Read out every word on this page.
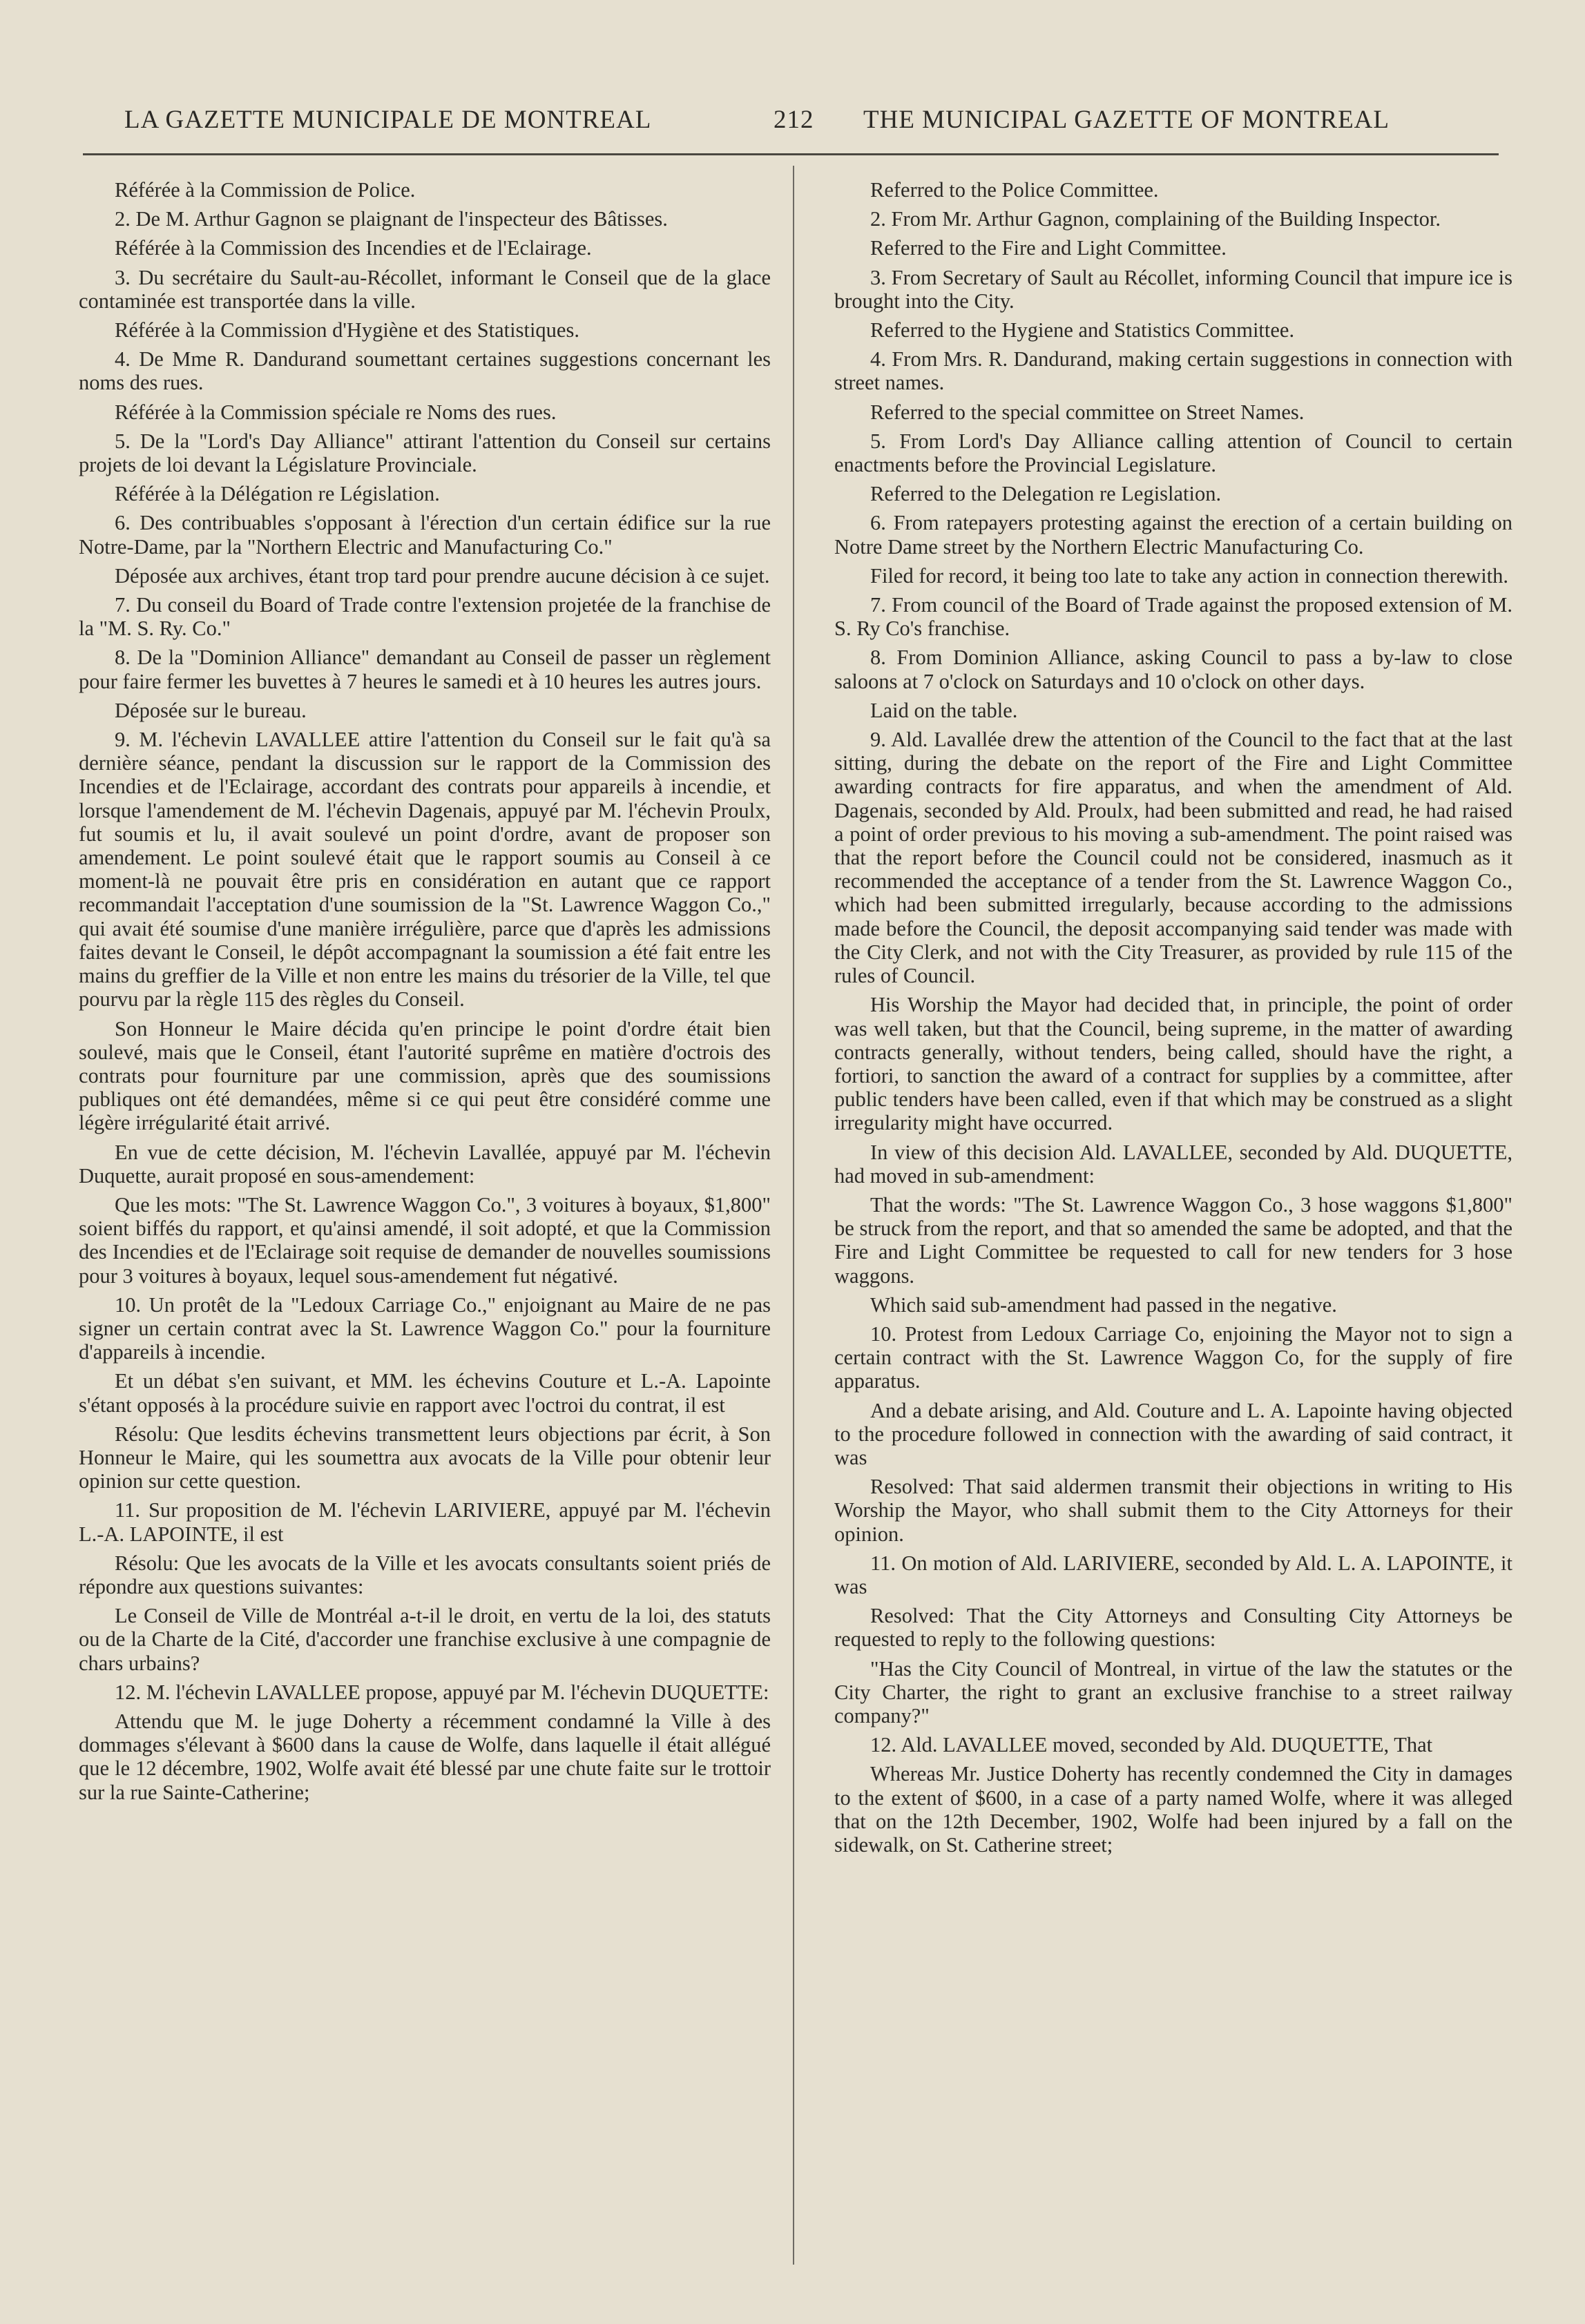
LA GAZETTE MUNICIPALE DE MONTREAL	212 THE MUNICIPAL GAZETTE OF MONTREAL

Référée à la Commission de Police.

2. De M. Arthur Gagnon se plaignant de l'inspecteur des Bâtisses.

Référée à la Commission des Incendies et de l'Eclairage.

3. Du secrétaire du Sault-au-Récollet, informant le Conseil que de la glace contaminée est transportée dans la ville.

Référée à la Commission d'Hygiène et des Statistiques.

4. De Mme R. Dandurand soumettant certaines suggestions concernant les noms des rues.

Référée à la Commission spéciale re Noms des rues.

5. De la "Lord's Day Alliance" attirant l'attention du Conseil sur certains projets de loi devant la Législature Provinciale.

Référée à la Délégation re Législation.

6. Des contribuables s'opposant à l'érection d'un certain édifice sur la rue Notre-Dame, par la "Northern Electric and Manufacturing Co."

Déposée aux archives, étant trop tard pour prendre aucune décision à ce sujet.

7. Du conseil du Board of Trade contre l'extension projetée de la franchise de la "M. S. Ry. Co."

8. De la "Dominion Alliance" demandant au Conseil de passer un règlement pour faire fermer les buvettes à 7 heures le samedi et à 10 heures les autres jours.

Déposée sur le bureau.

9. M. l'échevin LAVALLEE attire l'attention du Conseil sur le fait qu'à sa dernière séance, pendant la discussion sur le rapport de la Commission des Incendies et de l'Eclairage, accordant des contrats pour appareils à incendie, et lorsque l'amendement de M. l'échevin Dagenais, appuyé par M. l'échevin Proulx, fut soumis et lu, il avait soulevé un point d'ordre, avant de proposer son amendement. Le point soulevé était que le rapport soumis au Conseil à ce moment-là ne pouvait être pris en considération en autant que ce rapport recommandait l'acceptation d'une soumission de la "St. Lawrence Waggon Co.," qui avait été soumise d'une manière irrégulière, parce que d'après les admissions faites devant le Conseil, le dépôt accompagnant la soumission a été fait entre les mains du greffier de la Ville et non entre les mains du trésorier de la Ville, tel que pourvu par la règle 115 des règles du Conseil.

Son Honneur le Maire décida qu'en principe le point d'ordre était bien soulevé, mais que le Conseil, étant l'autorité suprême en matière d'octrois des contrats pour fourniture par une commission, après que des soumissions publiques ont été demandées, même si ce qui peut être considéré comme une légère irrégularité était arrivé.

En vue de cette décision, M. l'échevin Lavallée, appuyé par M. l'échevin Duquette, aurait proposé en sous-amendement:

Que les mots: "The St. Lawrence Waggon Co.", 3 voitures à boyaux, $1,800" soient biffés du rapport, et qu'ainsi amendé, il soit adopté, et que la Commission des Incendies et de l'Eclairage soit requise de demander de nouvelles soumissions pour 3 voitures à boyaux, lequel sous-amendement fut négativé.

10. Un protêt de la "Ledoux Carriage Co.," enjoignant au Maire de ne pas signer un certain contrat avec la St. Lawrence Waggon Co." pour la fourniture d'appareils à incendie.

Et un débat s'en suivant, et MM. les échevins Couture et L.-A. Lapointe s'étant opposés à la procédure suivie en rapport avec l'octroi du contrat, il est

Résolu: Que lesdits échevins transmettent leurs objections par écrit, à Son Honneur le Maire, qui les soumettra aux avocats de la Ville pour obtenir leur opinion sur cette question.

11. Sur proposition de M. l'échevin LARIVIERE, appuyé par M. l'échevin L.-A. LAPOINTE, il est

Résolu: Que les avocats de la Ville et les avocats consultants soient priés de répondre aux questions suivantes:

Le Conseil de Ville de Montréal a-t-il le droit, en vertu de la loi, des statuts ou de la Charte de la Cité, d'accorder une franchise exclusive à une compagnie de chars urbains?

12. M. l'échevin LAVALLEE propose, appuyé par M. l'échevin DUQUETTE:

Attendu que M. le juge Doherty a récemment condamné la Ville à des dommages s'élevant à $600 dans la cause de Wolfe, dans laquelle il était allégué que le 12 décembre, 1902, Wolfe avait été blessé par une chute faite sur le trottoir sur la rue Sainte-Catherine;

Referred to the Police Committee.

2. From Mr. Arthur Gagnon, complaining of the Building Inspector.

Referred to the Fire and Light Committee.

3. From Secretary of Sault au Récollet, informing Council that impure ice is brought into the City.

Referred to the Hygiene and Statistics Committee.

4. From Mrs. R. Dandurand, making certain suggestions in connection with street names.

Referred to the special committee on Street Names.

5. From Lord's Day Alliance calling attention of Council to certain enactments before the Provincial Legislature.

Referred to the Delegation re Legislation.

6. From ratepayers protesting against the erection of a certain building on Notre Dame street by the Northern Electric Manufacturing Co.

Filed for record, it being too late to take any action in connection therewith.

7. From council of the Board of Trade against the proposed extension of M. S. Ry Co's franchise.

8. From Dominion Alliance, asking Council to pass a by-law to close saloons at 7 o'clock on Saturdays and 10 o'clock on other days.

Laid on the table.

9. Ald. Lavallée drew the attention of the Council to the fact that at the last sitting, during the debate on the report of the Fire and Light Committee awarding contracts for fire apparatus, and when the amendment of Ald. Dagenais, seconded by Ald. Proulx, had been submitted and read, he had raised a point of order previous to his moving a sub-amendment. The point raised was that the report before the Council could not be considered, inasmuch as it recommended the acceptance of a tender from the St. Lawrence Waggon Co., which had been submitted irregularly, because according to the admissions made before the Council, the deposit accompanying said tender was made with the City Clerk, and not with the City Treasurer, as provided by rule 115 of the rules of Council.

His Worship the Mayor had decided that, in principle, the point of order was well taken, but that the Council, being supreme, in the matter of awarding contracts generally, without tenders, being called, should have the right, a fortiori, to sanction the award of a contract for supplies by a committee, after public tenders have been called, even if that which may be construed as a slight irregularity might have occurred.

In view of this decision Ald. LAVALLEE, seconded by Ald. DUQUETTE, had moved in sub-amendment:

That the words: "The St. Lawrence Waggon Co., 3 hose waggons $1,800" be struck from the report, and that so amended the same be adopted, and that the Fire and Light Committee be requested to call for new tenders for 3 hose waggons.

Which said sub-amendment had passed in the negative.

10. Protest from Ledoux Carriage Co, enjoining the Mayor not to sign a certain contract with the St. Lawrence Waggon Co, for the supply of fire apparatus.

And a debate arising, and Ald. Couture and L. A. Lapointe having objected to the procedure followed in connection with the awarding of said contract, it was

Resolved: That said aldermen transmit their objections in writing to His Worship the Mayor, who shall submit them to the City Attorneys for their opinion.

11. On motion of Ald. LARIVIERE, seconded by Ald. L. A. LAPOINTE, it was

Resolved: That the City Attorneys and Consulting City Attorneys be requested to reply to the following questions:

"Has the City Council of Montreal, in virtue of the law the statutes or the City Charter, the right to grant an exclusive franchise to a street railway company?"

12. Ald. LAVALLEE moved, seconded by Ald. DUQUETTE, That

Whereas Mr. Justice Doherty has recently condemned the City in damages to the extent of $600, in a case of a party named Wolfe, where it was alleged that on the 12th December, 1902, Wolfe had been injured by a fall on the sidewalk, on St. Catherine street;
